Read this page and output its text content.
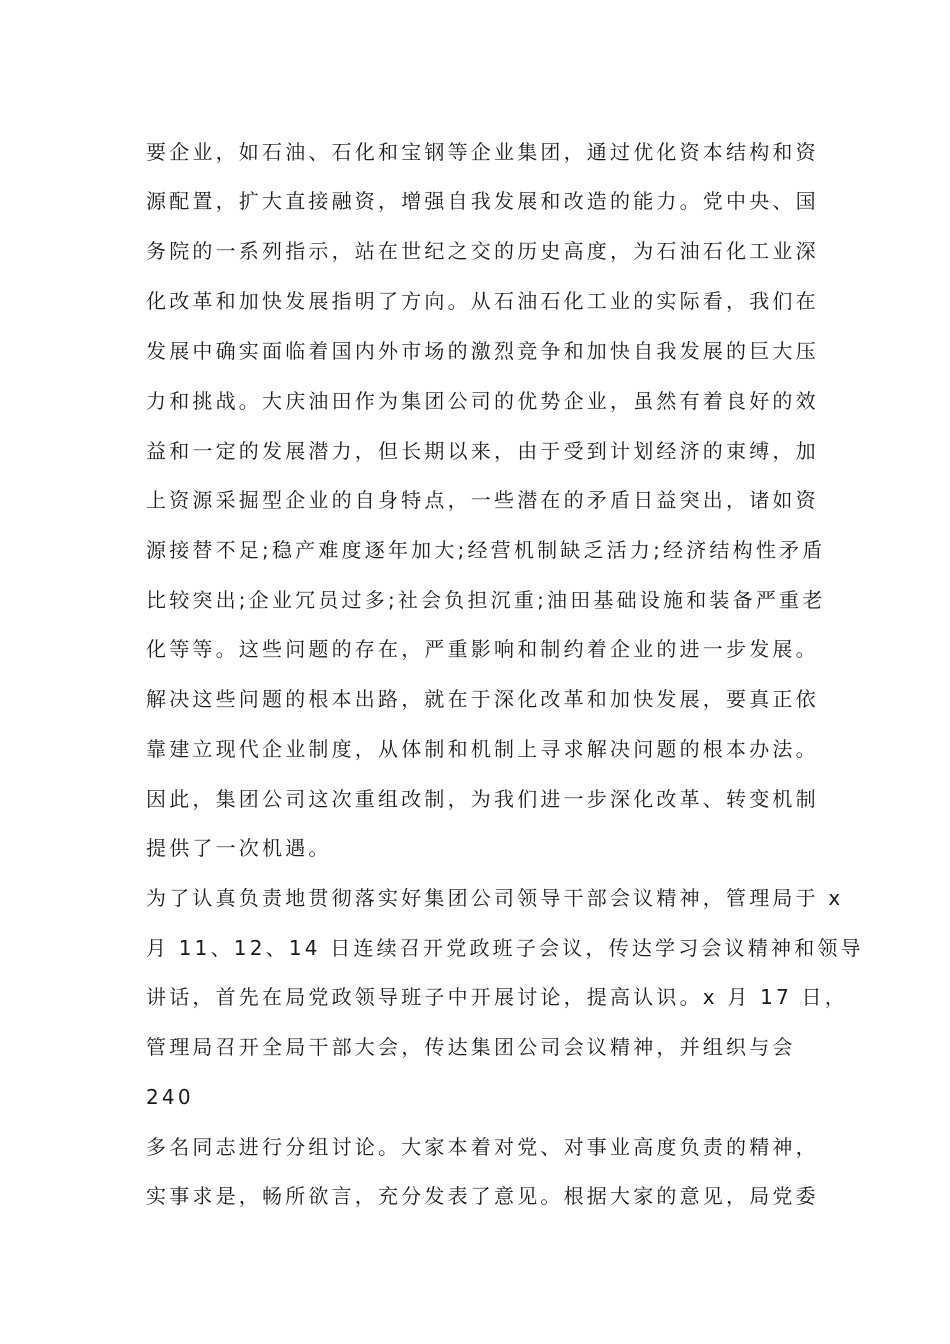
要企业，如石油、石化和宝钢等企业集团，通过优化资本结构和资
源配置，扩大直接融资，增强自我发展和改造的能力。党中央、国
务院的一系列指示，站在世纪之交的历史高度，为石油石化工业深
化改革和加快发展指明了方向。从石油石化工业的实际看，我们在
发展中确实面临着国内外市场的激烈竞争和加快自我发展的巨大压
力和挑战。大庆油田作为集团公司的优势企业，虽然有着良好的效
益和一定的发展潜力，但长期以来，由于受到计划经济的束缚，加
上资源采掘型企业的自身特点，一些潜在的矛盾日益突出，诸如资
源接替不足;稳产难度逐年加大;经营机制缺乏活力;经济结构性矛盾
比较突出;企业冗员过多;社会负担沉重;油田基础设施和装备严重老
化等等。这些问题的存在，严重影响和制约着企业的进一步发展。
解决这些问题的根本出路，就在于深化改革和加快发展，要真正依
靠建立现代企业制度，从体制和机制上寻求解决问题的根本办法。
因此，集团公司这次重组改制，为我们进一步深化改革、转变机制
提供了一次机遇。
为了认真负责地贯彻落实好集团公司领导干部会议精神，管理局于 x
月 11、12、14 日连续召开党政班子会议，传达学习会议精神和领导
讲话，首先在局党政领导班子中开展讨论，提高认识。x 月 17 日，
管理局召开全局干部大会，传达集团公司会议精神，并组织与会
240
多名同志进行分组讨论。大家本着对党、对事业高度负责的精神，
实事求是，畅所欲言，充分发表了意见。根据大家的意见，局党委
